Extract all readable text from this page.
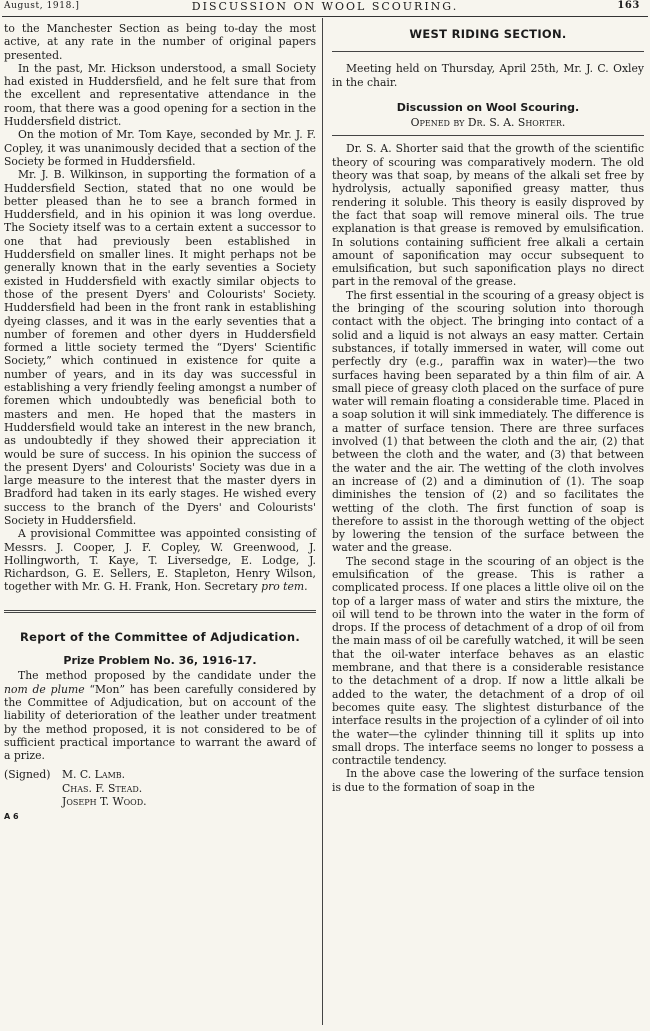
August, 1918.]	DISCUSSION ON WOOL SCOURING.	163

to the Manchester Section as being to-day the most active, at any rate in the number of original papers presented.

In the past, Mr. Hickson understood, a small Society had existed in Huddersfield, and he felt sure that from the excellent and representative attendance in the room, that there was a good opening for a section in the Huddersfield district.

On the motion of Mr. Tom Kaye, seconded by Mr. J. F. Copley, it was unanimously decided that a section of the Society be formed in Huddersfield.

Mr. J. B. Wilkinson, in supporting the formation of a Huddersfield Section, stated that no one would be better pleased than he to see a branch formed in Huddersfield, and in his opinion it was long overdue. The Society itself was to a certain extent a successor to one that had previously been established in Huddersfield on smaller lines. It might perhaps not be generally known that in the early seventies a Society existed in Huddersfield with exactly similar objects to those of the present Dyers' and Colourists' Society. Huddersfield had been in the front rank in establishing dyeing classes, and it was in the early seventies that a number of foremen and other dyers in Huddersfield formed a little society termed the “Dyers' Scientific Society,” which continued in existence for quite a number of years, and in its day was successful in establishing a very friendly feeling amongst a number of foremen which undoubtedly was beneficial both to masters and men. He hoped that the masters in Huddersfield would take an interest in the new branch, as undoubtedly if they showed their appreciation it would be sure of success. In his opinion the success of the present Dyers' and Colourists' Society was due in a large measure to the interest that the master dyers in Bradford had taken in its early stages. He wished every success to the branch of the Dyers' and Colourists' Society in Huddersfield.

A provisional Committee was appointed consisting of Messrs. J. Cooper, J. F. Copley, W. Greenwood, J. Hollingworth, T. Kaye, T. Liversedge, E. Lodge, J. Richardson, G. E. Sellers, E. Stapleton, Henry Wilson, together with Mr. G. H. Frank, Hon. Secretary pro tem.

Report of the Committee of Adjudication.
Prize Problem No. 36, 1916-17.

The method proposed by the candidate under the nom de plume “Mon” has been carefully considered by the Committee of Adjudication, but on account of the liability of deterioration of the leather under treatment by the method proposed, it is not considered to be of sufficient practical importance to warrant the award of a prize.

(Signed) M. C. Lamb.
Chas. F. Stead.
Joseph T. Wood.
A 6
WEST RIDING SECTION.

Meeting held on Thursday, April 25th, Mr. J. C. Oxley in the chair.

Discussion on Wool Scouring.

Opened by Dr. S. A. Shorter.

Dr. S. A. Shorter said that the growth of the scientific theory of scouring was comparatively modern. The old theory was that soap, by means of the alkali set free by hydrolysis, actually saponified greasy matter, thus rendering it soluble. This theory is easily disproved by the fact that soap will remove mineral oils. The true explanation is that grease is removed by emulsification. In solutions containing sufficient free alkali a certain amount of saponification may occur subsequent to emulsification, but such saponification plays no direct part in the removal of the grease.

The first essential in the scouring of a greasy object is the bringing of the scouring solution into thorough contact with the object. The bringing into contact of a solid and a liquid is not always an easy matter. Certain substances, if totally immersed in water, will come out perfectly dry (e.g., paraffin wax in water)—the two surfaces having been separated by a thin film of air. A small piece of greasy cloth placed on the surface of pure water will remain floating a considerable time. Placed in a soap solution it will sink immediately. The difference is a matter of surface tension. There are three surfaces involved (1) that between the cloth and the air, (2) that between the cloth and the water, and (3) that between the water and the air. The wetting of the cloth involves an increase of (2) and a diminution of (1). The soap diminishes the tension of (2) and so facilitates the wetting of the cloth. The first function of soap is therefore to assist in the thorough wetting of the object by lowering the tension of the surface between the water and the grease.

The second stage in the scouring of an object is the emulsification of the grease. This is rather a complicated process. If one places a little olive oil on the top of a larger mass of water and stirs the mixture, the oil will tend to be thrown into the water in the form of drops. If the process of detachment of a drop of oil from the main mass of oil be carefully watched, it will be seen that the oil-water interface behaves as an elastic membrane, and that there is a considerable resistance to the detachment of a drop. If now a little alkali be added to the water, the detachment of a drop of oil becomes quite easy. The slightest disturbance of the interface results in the projection of a cylinder of oil into the water—the cylinder thinning till it splits up into small drops. The interface seems no longer to possess a contractile tendency.

In the above case the lowering of the surface tension is due to the formation of soap in the
